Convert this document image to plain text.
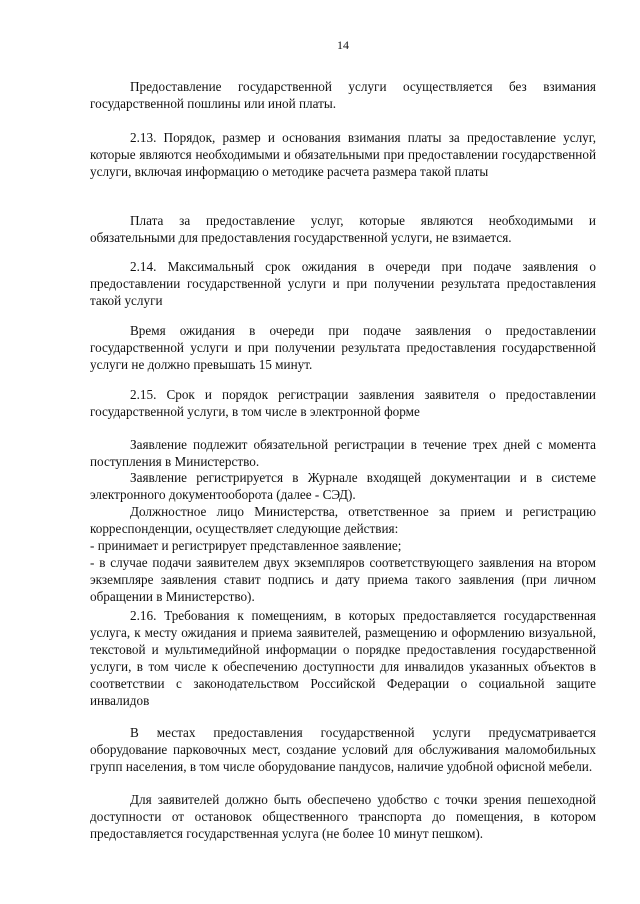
14

Предоставление государственной услуги осуществляется без взимания государственной пошлины или иной платы.

2.13. Порядок, размер и основания взимания платы за предоставление услуг, которые являются необходимыми и обязательными при предоставлении государственной услуги, включая информацию о методике расчета размера такой платы

Плата за предоставление услуг, которые являются необходимыми и обязательными для предоставления государственной услуги, не взимается.

2.14. Максимальный срок ожидания в очереди при подаче заявления о предоставлении государственной услуги и при получении результата предоставления такой услуги

Время ожидания в очереди при подаче заявления о предоставлении государственной услуги и при получении результата предоставления государственной услуги не должно превышать 15 минут.

2.15. Срок и порядок регистрации заявления заявителя о предоставлении государственной услуги, в том числе в электронной форме

Заявление подлежит обязательной регистрации в течение трех дней с момента поступления в Министерство.

Заявление регистрируется в Журнале входящей документации и в системе электронного документооборота (далее - СЭД).

Должностное лицо Министерства, ответственное за прием и регистрацию корреспонденции, осуществляет следующие действия:

- принимает и регистрирует представленное заявление;

- в случае подачи заявителем двух экземпляров соответствующего заявления на втором экземпляре заявления ставит подпись и дату приема такого заявления (при личном обращении в Министерство).

2.16. Требования к помещениям, в которых предоставляется государственная услуга, к месту ожидания и приема заявителей, размещению и оформлению визуальной, текстовой и мультимедийной информации о порядке предоставления государственной услуги, в том числе к обеспечению доступности для инвалидов указанных объектов в соответствии с законодательством Российской Федерации о социальной защите инвалидов

В местах предоставления государственной услуги предусматривается оборудование парковочных мест, создание условий для обслуживания маломобильных групп населения, в том числе оборудование пандусов, наличие удобной офисной мебели.

Для заявителей должно быть обеспечено удобство с точки зрения пешеходной доступности от остановок общественного транспорта до помещения, в котором предоставляется государственная услуга (не более 10 минут пешком).
